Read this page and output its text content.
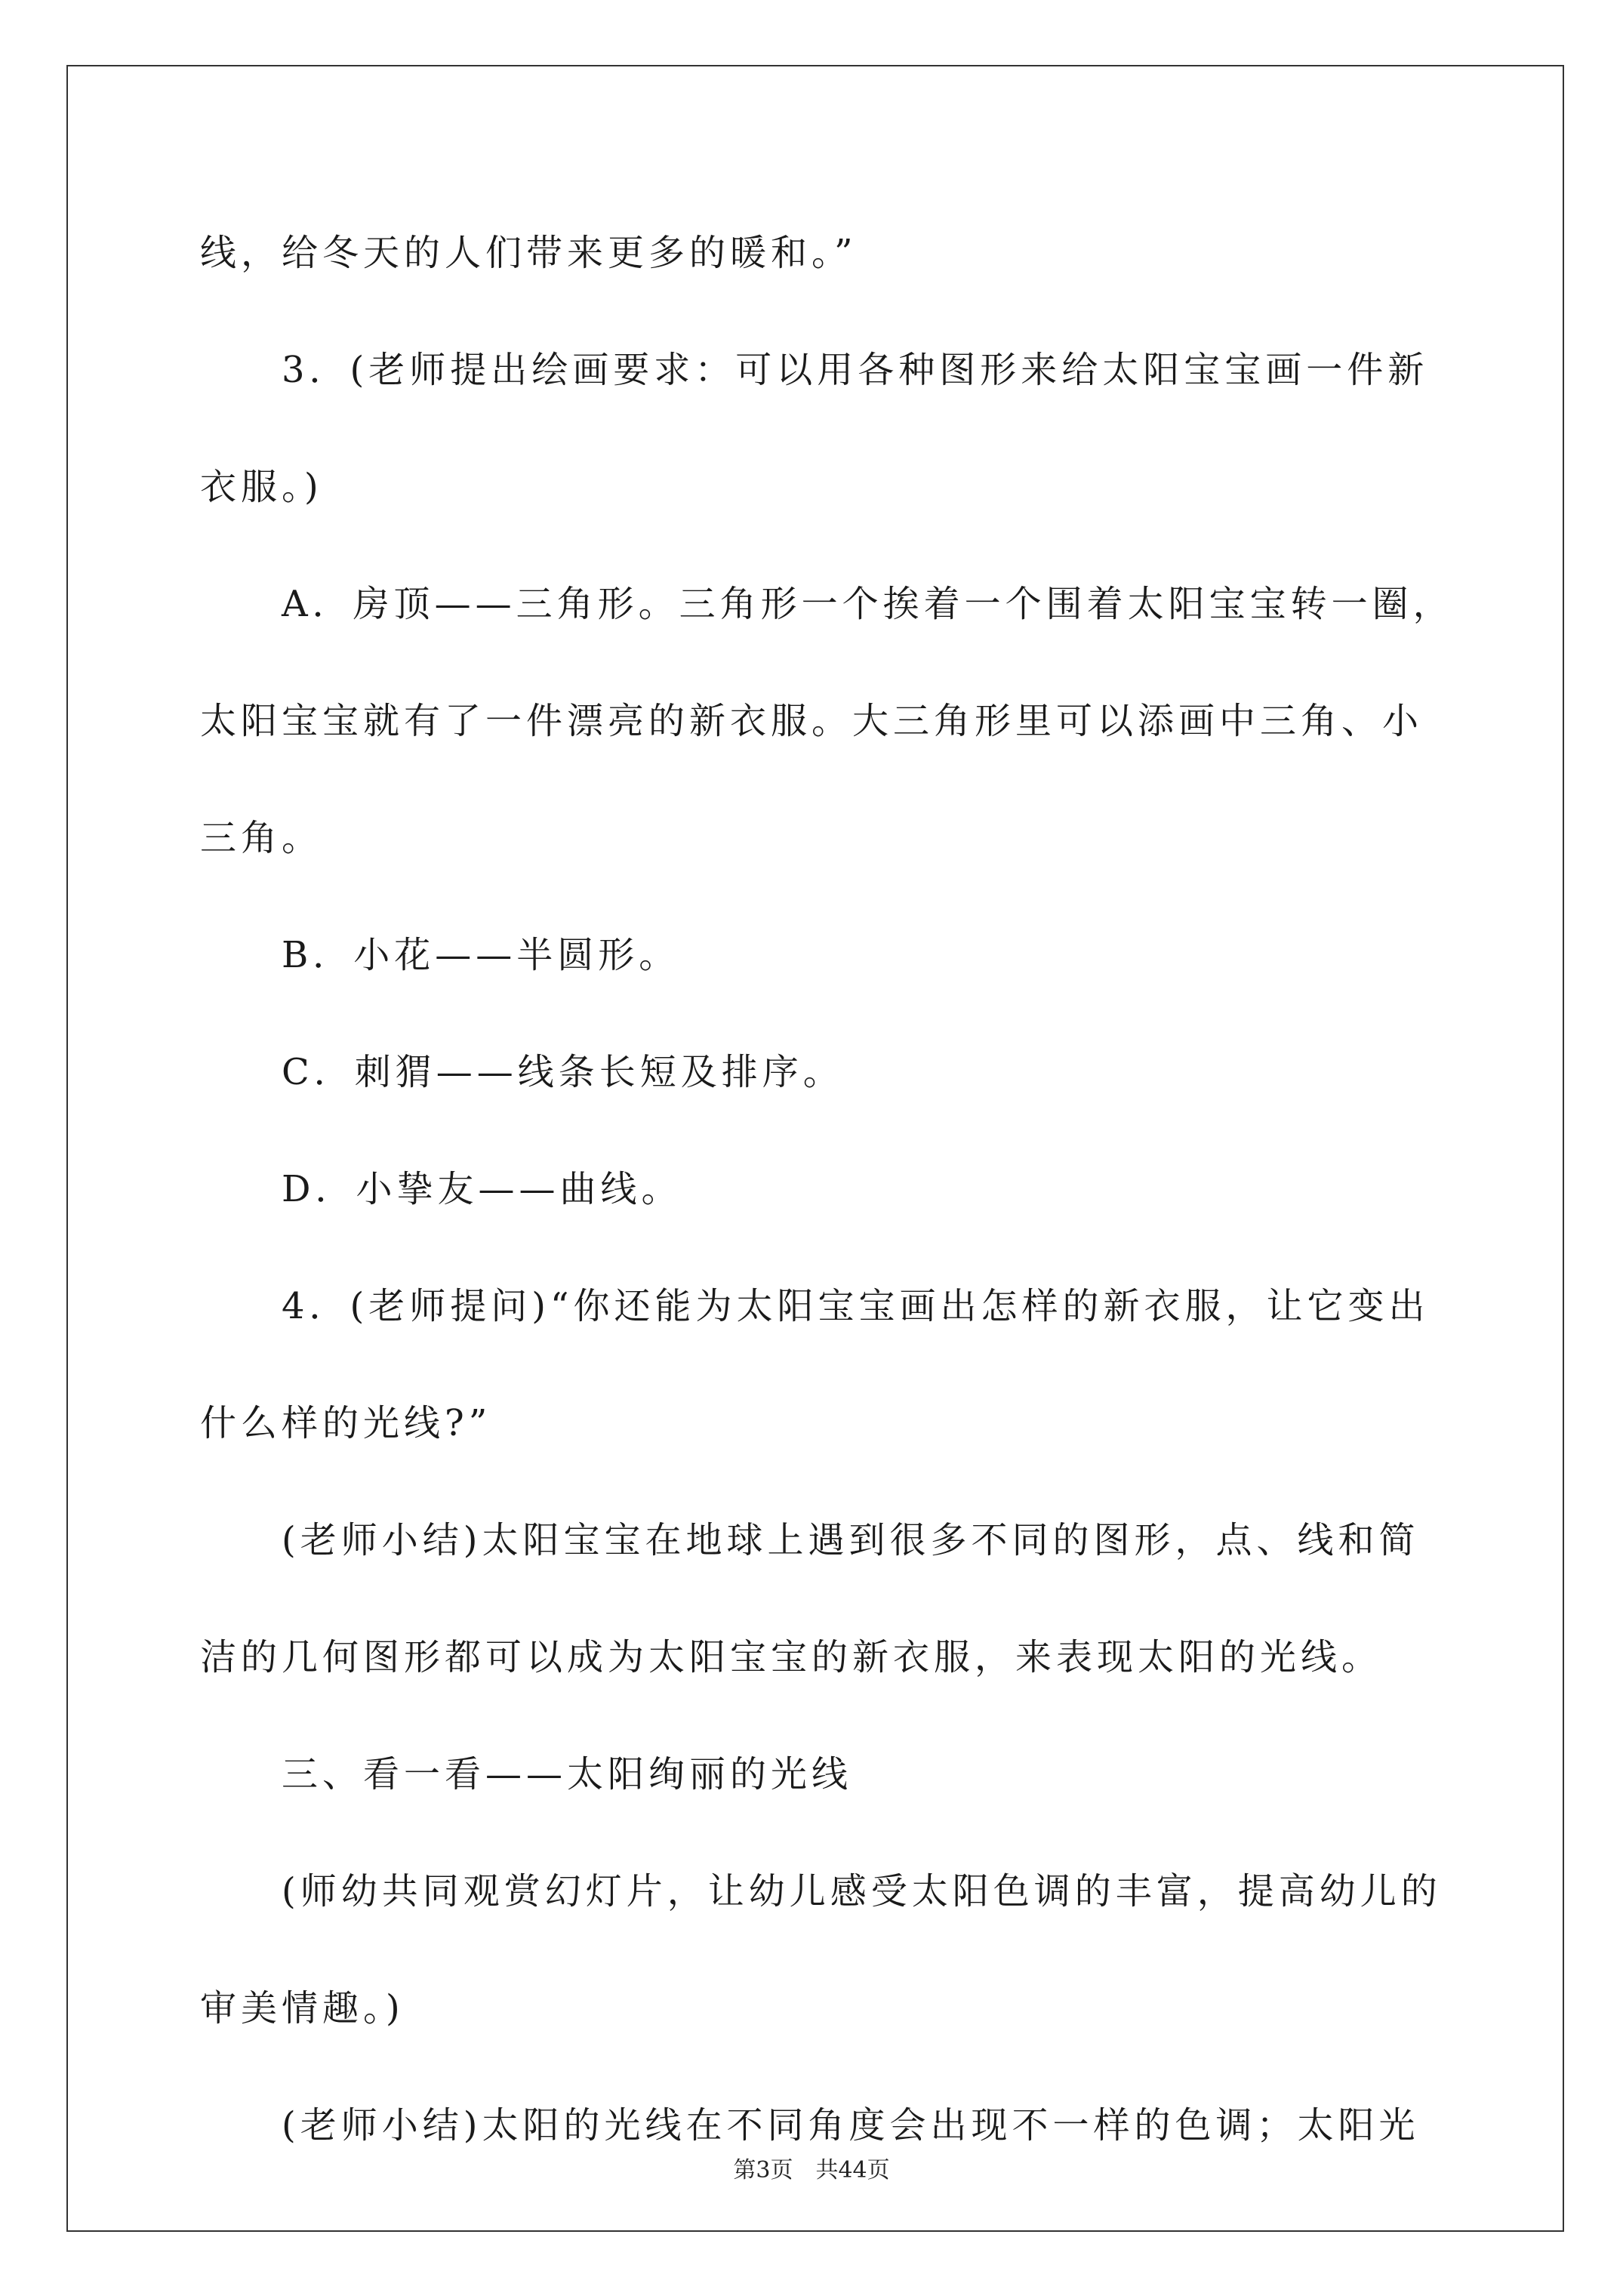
线，给冬天的人们带来更多的暖和。”

3．(老师提出绘画要求：可以用各种图形来给太阳宝宝画一件新

衣服。)

A．房顶——三角形。三角形一个挨着一个围着太阳宝宝转一圈，

太阳宝宝就有了一件漂亮的新衣服。大三角形里可以添画中三角、小

三角。

B．小花——半圆形。

C．刺猬——线条长短及排序。

D．小挚友——曲线。

4．(老师提问)“你还能为太阳宝宝画出怎样的新衣服，让它变出

什么样的光线?”

(老师小结)太阳宝宝在地球上遇到很多不同的图形，点、线和简

洁的几何图形都可以成为太阳宝宝的新衣服，来表现太阳的光线。

三、看一看——太阳绚丽的光线

(师幼共同观赏幻灯片，让幼儿感受太阳色调的丰富，提高幼儿的

审美情趣。)

(老师小结)太阳的光线在不同角度会出现不一样的色调；太阳光

第3页 共44页
